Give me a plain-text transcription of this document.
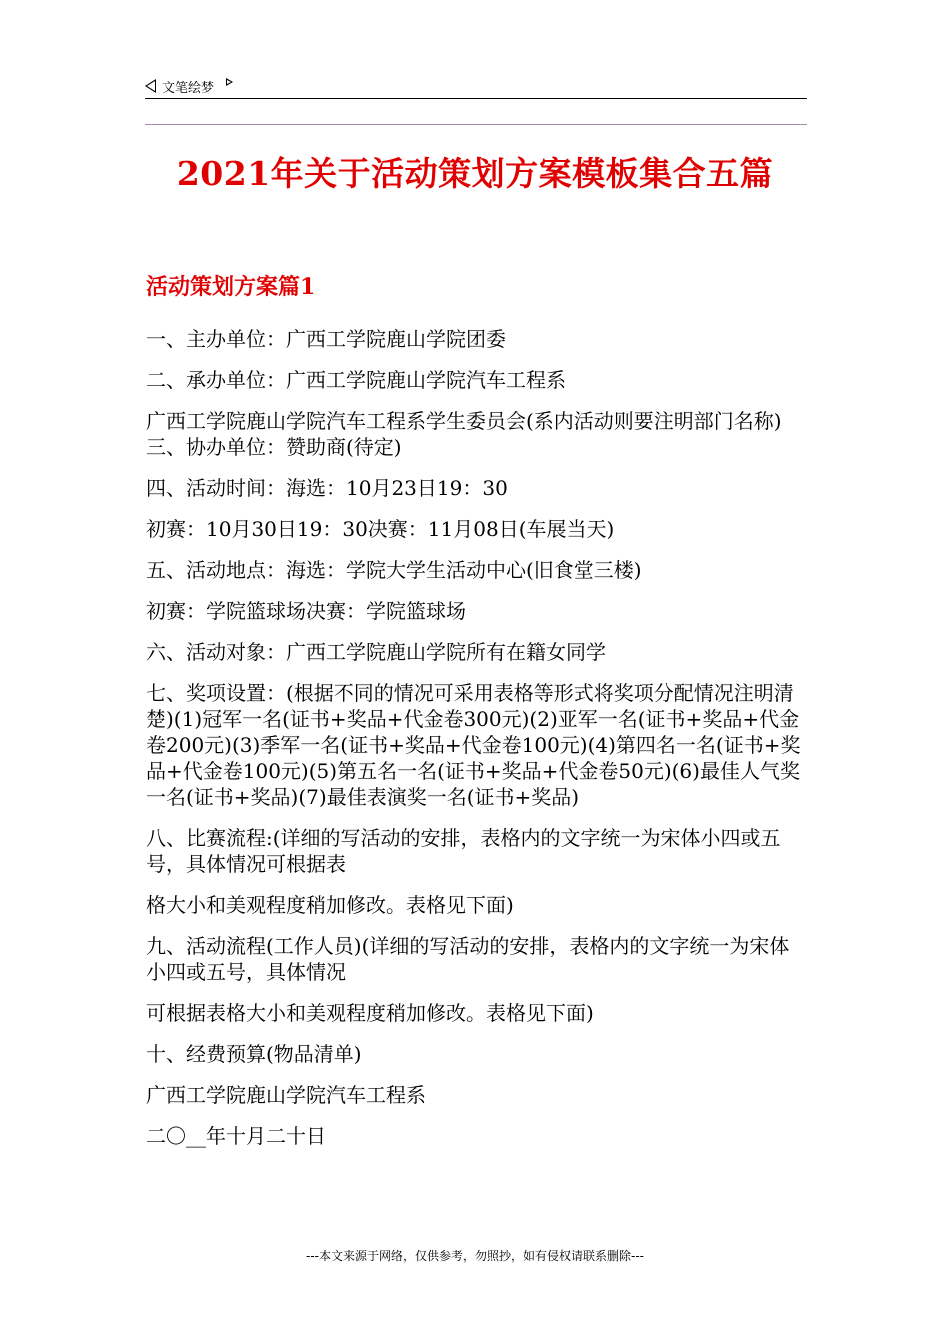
文笔绘梦
2021年关于活动策划方案模板集合五篇
活动策划方案篇1

一、主办单位：广西工学院鹿山学院团委

二、承办单位：广西工学院鹿山学院汽车工程系

广西工学院鹿山学院汽车工程系学生委员会(系内活动则要注明部门名称)三、协办单位：赞助商(待定)

四、活动时间：海选：10月23日19：30

初赛：10月30日19：30决赛：11月08日(车展当天)

五、活动地点：海选：学院大学生活动中心(旧食堂三楼)

初赛：学院篮球场决赛：学院篮球场

六、活动对象：广西工学院鹿山学院所有在籍女同学

七、奖项设置：(根据不同的情况可采用表格等形式将奖项分配情况注明清楚)(1)冠军一名(证书+奖品+代金卷300元)(2)亚军一名(证书+奖品+代金卷200元)(3)季军一名(证书+奖品+代金卷100元)(4)第四名一名(证书+奖品+代金卷100元)(5)第五名一名(证书+奖品+代金卷50元)(6)最佳人气奖一名(证书+奖品)(7)最佳表演奖一名(证书+奖品)

八、比赛流程:(详细的写活动的安排，表格内的文字统一为宋体小四或五号，具体情况可根据表

格大小和美观程度稍加修改。表格见下面)

九、活动流程(工作人员)(详细的写活动的安排，表格内的文字统一为宋体小四或五号，具体情况

可根据表格大小和美观程度稍加修改。表格见下面)

十、经费预算(物品清单)

广西工学院鹿山学院汽车工程系

二〇__年十月二十日

---本文来源于网络，仅供参考，勿照抄，如有侵权请联系删除---
